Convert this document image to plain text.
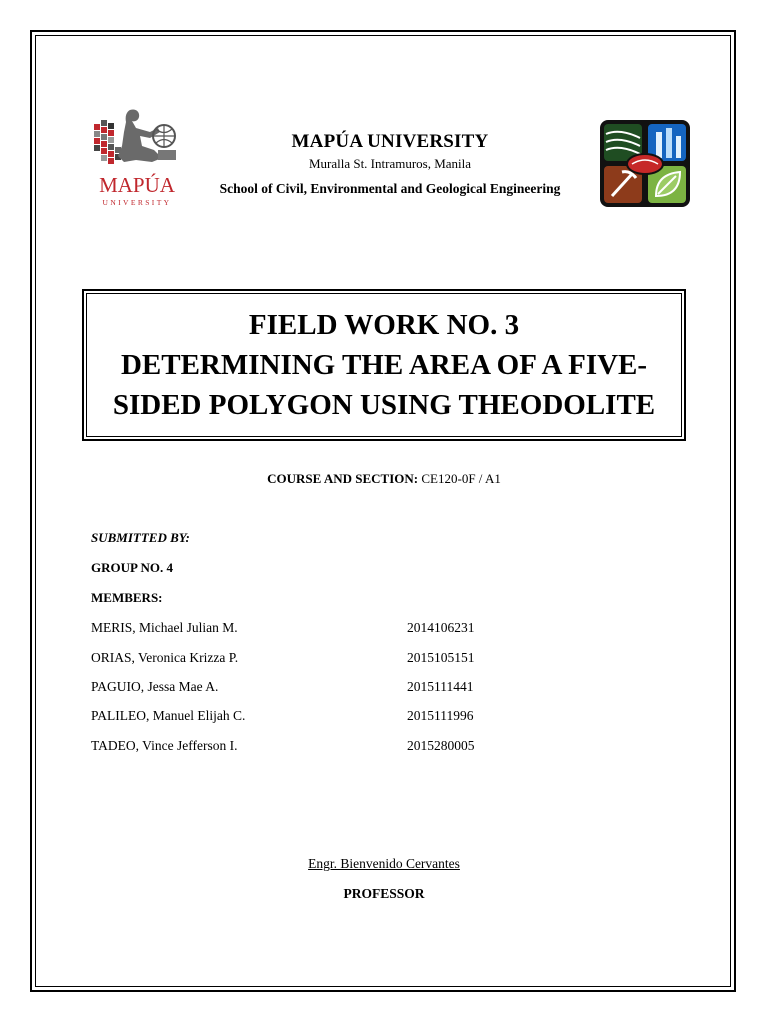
MAPÚA
UNIVERSITY
MAPÚA UNIVERSITY
Muralla St. Intramuros, Manila
School of Civil, Environmental and Geological Engineering
FIELD WORK NO. 3
DETERMINING THE AREA OF A FIVE-
SIDED POLYGON USING THEODOLITE
COURSE AND SECTION: CE120-0F / A1
SUBMITTED BY:
GROUP NO. 4
MEMBERS:
MERIS, Michael Julian M.	2014106231
ORIAS, Veronica Krizza P.	2015105151
PAGUIO, Jessa Mae A.	2015111441
PALILEO, Manuel Elijah C.	2015111996
TADEO, Vince Jefferson I.	2015280005
Engr. Bienvenido Cervantes
PROFESSOR
